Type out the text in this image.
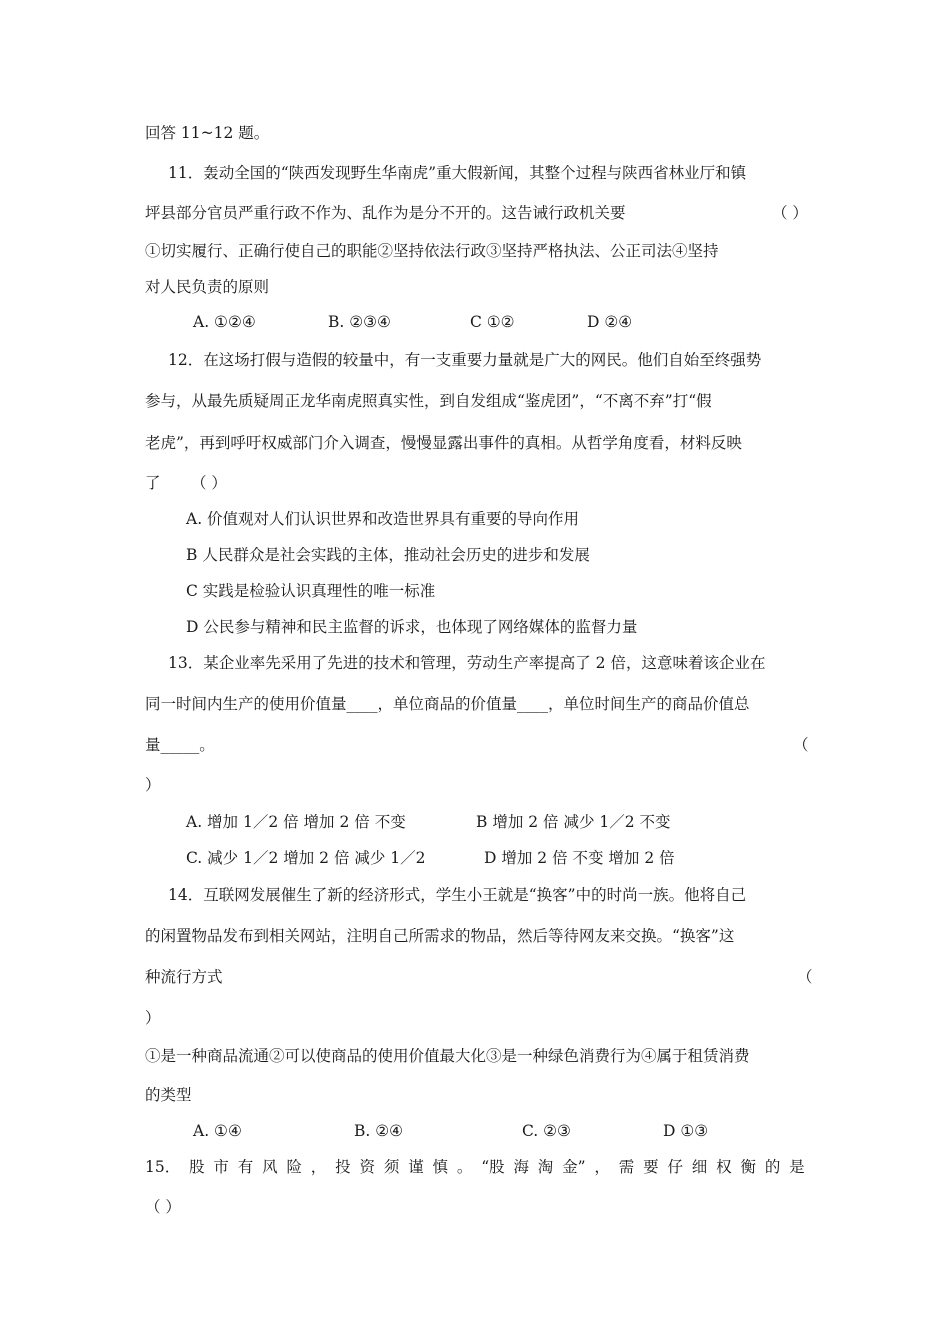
回答 11~12 题。
11．轰动全国的“陕西发现野生华南虎”重大假新闻，其整个过程与陕西省林业厅和镇
坪县部分官员严重行政不作为、乱作为是分不开的。这告诫行政机关要	（ ）
①切实履行、正确行使自己的职能②坚持依法行政③坚持严格执法、公正司法④坚持
对人民负责的原则
A. ①②④	B. ②③④	C ①②	D ②④
12．在这场打假与造假的较量中，有一支重要力量就是广大的网民。他们自始至终强势
参与，从最先质疑周正龙华南虎照真实性，到自发组成“鉴虎团”，“不离不弃”打“假
老虎”，再到呼吁权威部门介入调查，慢慢显露出事件的真相。从哲学角度看，材料反映
了 （ ）
A. 价值观对人们认识世界和改造世界具有重要的导向作用
B 人民群众是社会实践的主体，推动社会历史的进步和发展
C 实践是检验认识真理性的唯一标准
D 公民参与精神和民主监督的诉求，也体现了网络媒体的监督力量
13．某企业率先采用了先进的技术和管理，劳动生产率提高了 2 倍，这意味着该企业在
同一时间内生产的使用价值量____，单位商品的价值量____，单位时间生产的商品价值总
量_____。	（
）
A. 增加 1／2 倍 增加 2 倍 不变	B 增加 2 倍 减少 1／2 不变
C. 减少 1／2 增加 2 倍 减少 1／2	D 增加 2 倍 不变 增加 2 倍
14．互联网发展催生了新的经济形式，学生小王就是“换客”中的时尚一族。他将自己
的闲置物品发布到相关网站，注明自己所需求的物品，然后等待网友来交换。“换客”这
种流行方式	（
）
①是一种商品流通②可以使商品的使用价值最大化③是一种绿色消费行为④属于租赁消费
的类型
A. ①④	B. ②④	C. ②③	D ①③
15． 股 市 有 风 险 ， 投 资 须 谨 慎 。 “股 海 淘 金” ， 需 要 仔 细 权 衡 的 是
（ ）
